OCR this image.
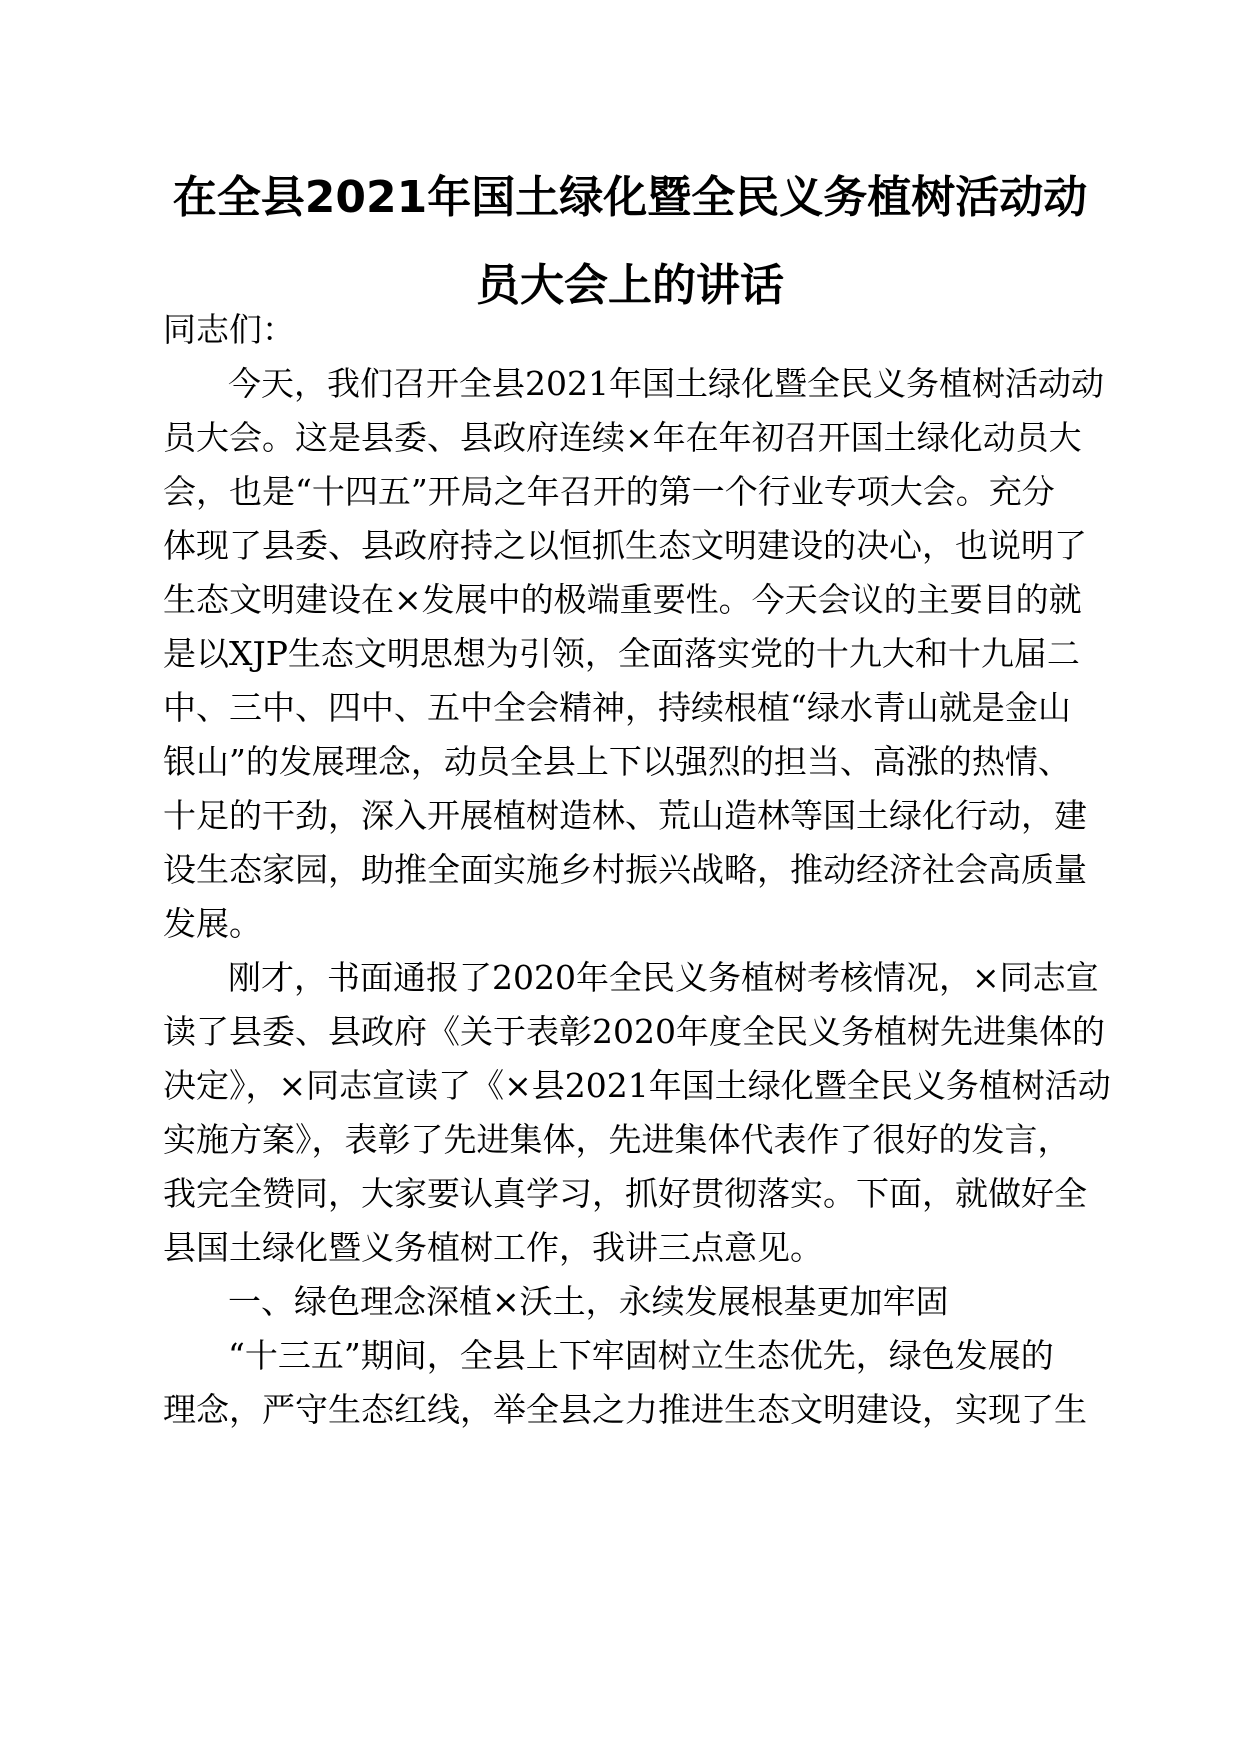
在全县2021年国土绿化暨全民义务植树活动动
员大会上的讲话

同志们：

今天，我们召开全县2021年国土绿化暨全民义务植树活动动

员大会。这是县委、县政府连续×年在年初召开国土绿化动员大

会，也是“十四五”开局之年召开的第一个行业专项大会。充分

体现了县委、县政府持之以恒抓生态文明建设的决心，也说明了

生态文明建设在×发展中的极端重要性。今天会议的主要目的就

是以XJP生态文明思想为引领，全面落实党的十九大和十九届二

中、三中、四中、五中全会精神，持续根植“绿水青山就是金山

银山”的发展理念，动员全县上下以强烈的担当、高涨的热情、

十足的干劲，深入开展植树造林、荒山造林等国土绿化行动，建

设生态家园，助推全面实施乡村振兴战略，推动经济社会高质量

发展。

刚才，书面通报了2020年全民义务植树考核情况，×同志宣

读了县委、县政府《关于表彰2020年度全民义务植树先进集体的

决定》，×同志宣读了《×县2021年国土绿化暨全民义务植树活动

实施方案》，表彰了先进集体，先进集体代表作了很好的发言，

我完全赞同，大家要认真学习，抓好贯彻落实。下面，就做好全

县国土绿化暨义务植树工作，我讲三点意见。

一、绿色理念深植×沃土，永续发展根基更加牢固

“十三五”期间，全县上下牢固树立生态优先，绿色发展的

理念，严守生态红线，举全县之力推进生态文明建设，实现了生
